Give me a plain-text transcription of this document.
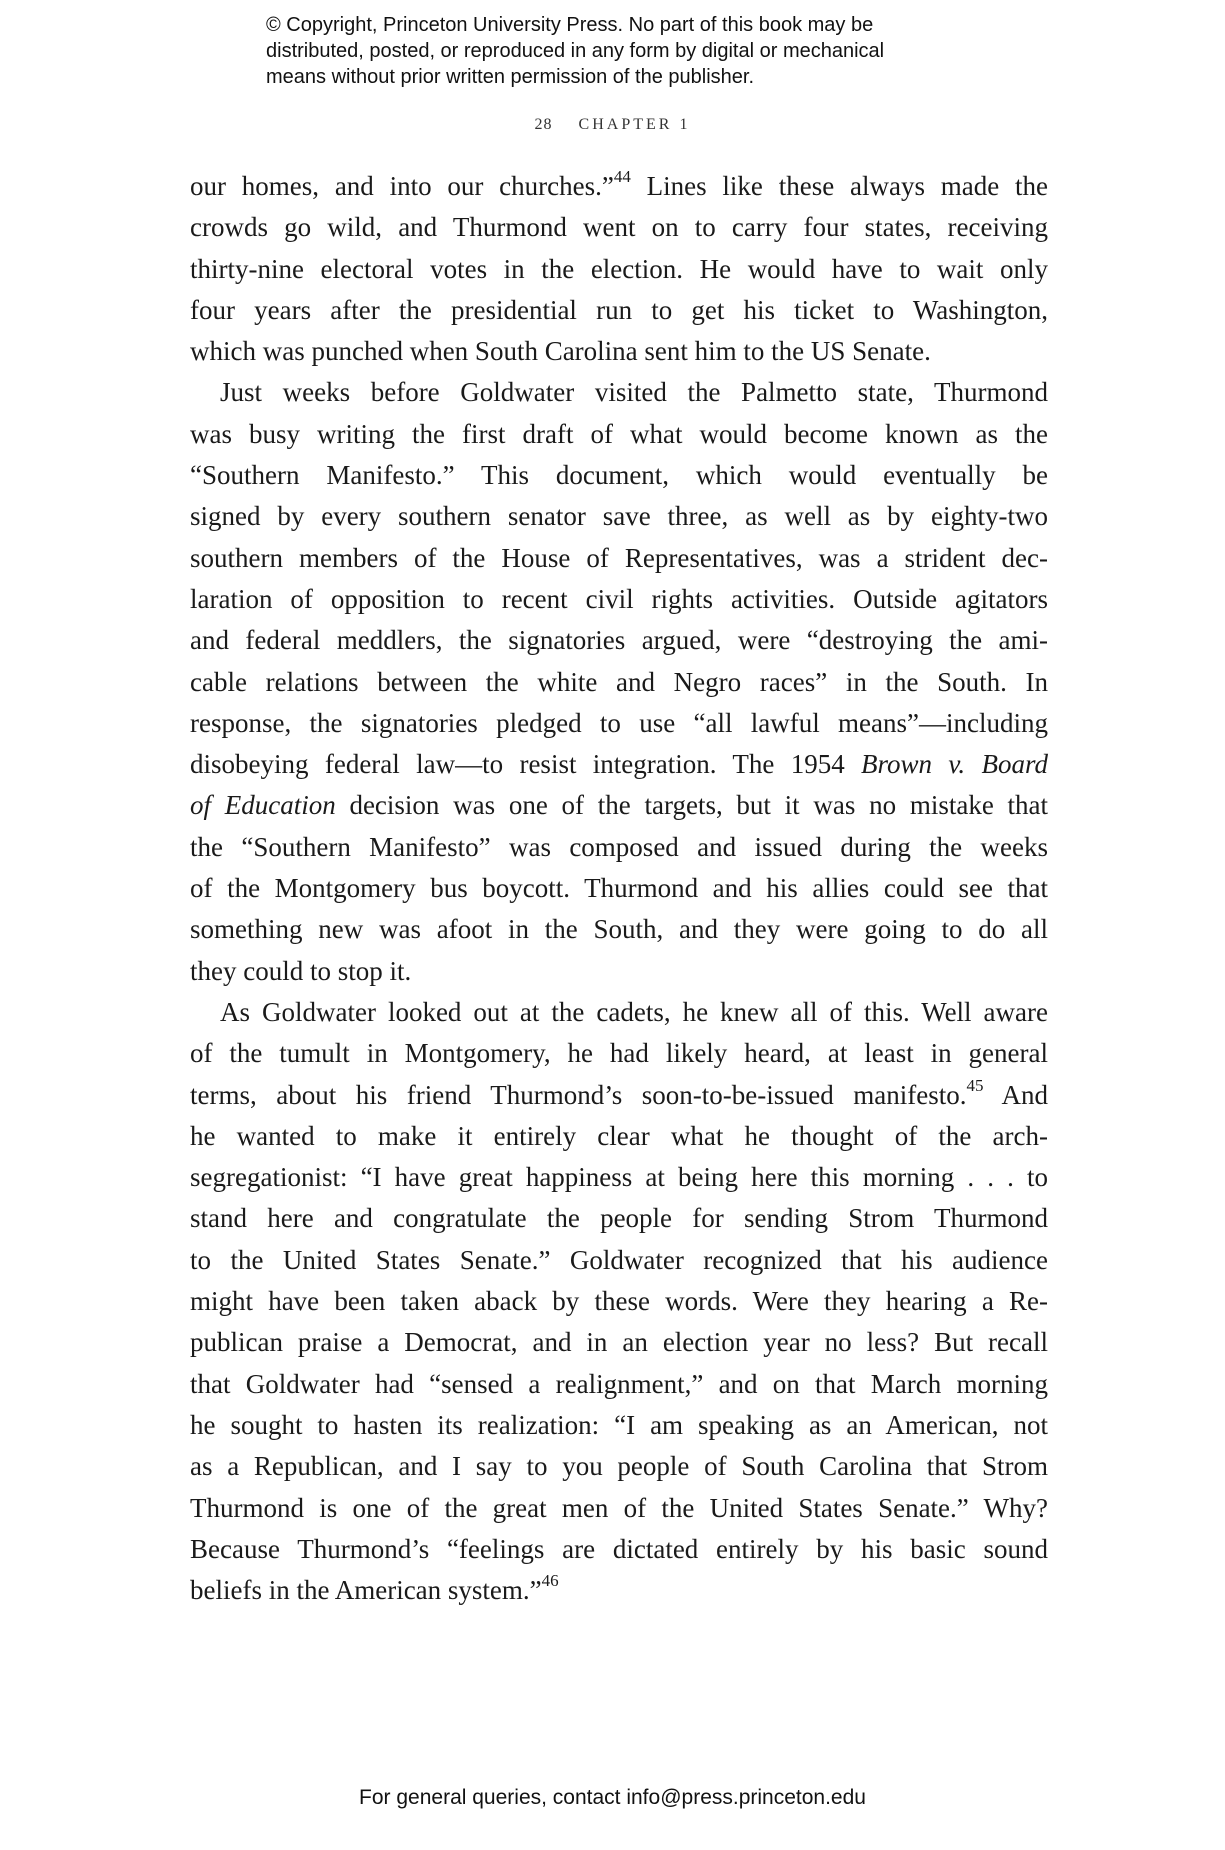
© Copyright, Princeton University Press. No part of this book may be
distributed, posted, or reproduced in any form by digital or mechanical
means without prior written permission of the publisher.
28 CHAPTER 1

our homes, and into our churches.”$^{44}$ Lines like these always made the
crowds go wild, and Thurmond went on to carry four states, receiving
thirty-nine electoral votes in the election. He would have to wait only
four years after the presidential run to get his ticket to Washington,
which was punched when South Carolina sent him to the US Senate.

Just weeks before Goldwater visited the Palmetto state, Thurmond
was busy writing the first draft of what would become known as the
“Southern Manifesto.” This document, which would eventually be
signed by every southern senator save three, as well as by eighty-two
southern members of the House of Representatives, was a strident dec-
laration of opposition to recent civil rights activities. Outside agitators
and federal meddlers, the signatories argued, were “destroying the ami-
cable relations between the white and Negro races” in the South. In
response, the signatories pledged to use “all lawful means”—including
disobeying federal law—to resist integration. The 1954 Brown v. Board
of Education decision was one of the targets, but it was no mistake that
the “Southern Manifesto” was composed and issued during the weeks
of the Montgomery bus boycott. Thurmond and his allies could see that
something new was afoot in the South, and they were going to do all
they could to stop it.

As Goldwater looked out at the cadets, he knew all of this. Well aware
of the tumult in Montgomery, he had likely heard, at least in general
terms, about his friend Thurmond’s soon-to-be-issued manifesto.$^{45}$ And
he wanted to make it entirely clear what he thought of the arch-
segregationist: “I have great happiness at being here this morning . . . to
stand here and congratulate the people for sending Strom Thurmond
to the United States Senate.” Goldwater recognized that his audience
might have been taken aback by these words. Were they hearing a Re-
publican praise a Democrat, and in an election year no less? But recall
that Goldwater had “sensed a realignment,” and on that March morning
he sought to hasten its realization: “I am speaking as an American, not
as a Republican, and I say to you people of South Carolina that Strom
Thurmond is one of the great men of the United States Senate.” Why?
Because Thurmond’s “feelings are dictated entirely by his basic sound
beliefs in the American system.”$^{46}$

For general queries, contact info@press.princeton.edu
